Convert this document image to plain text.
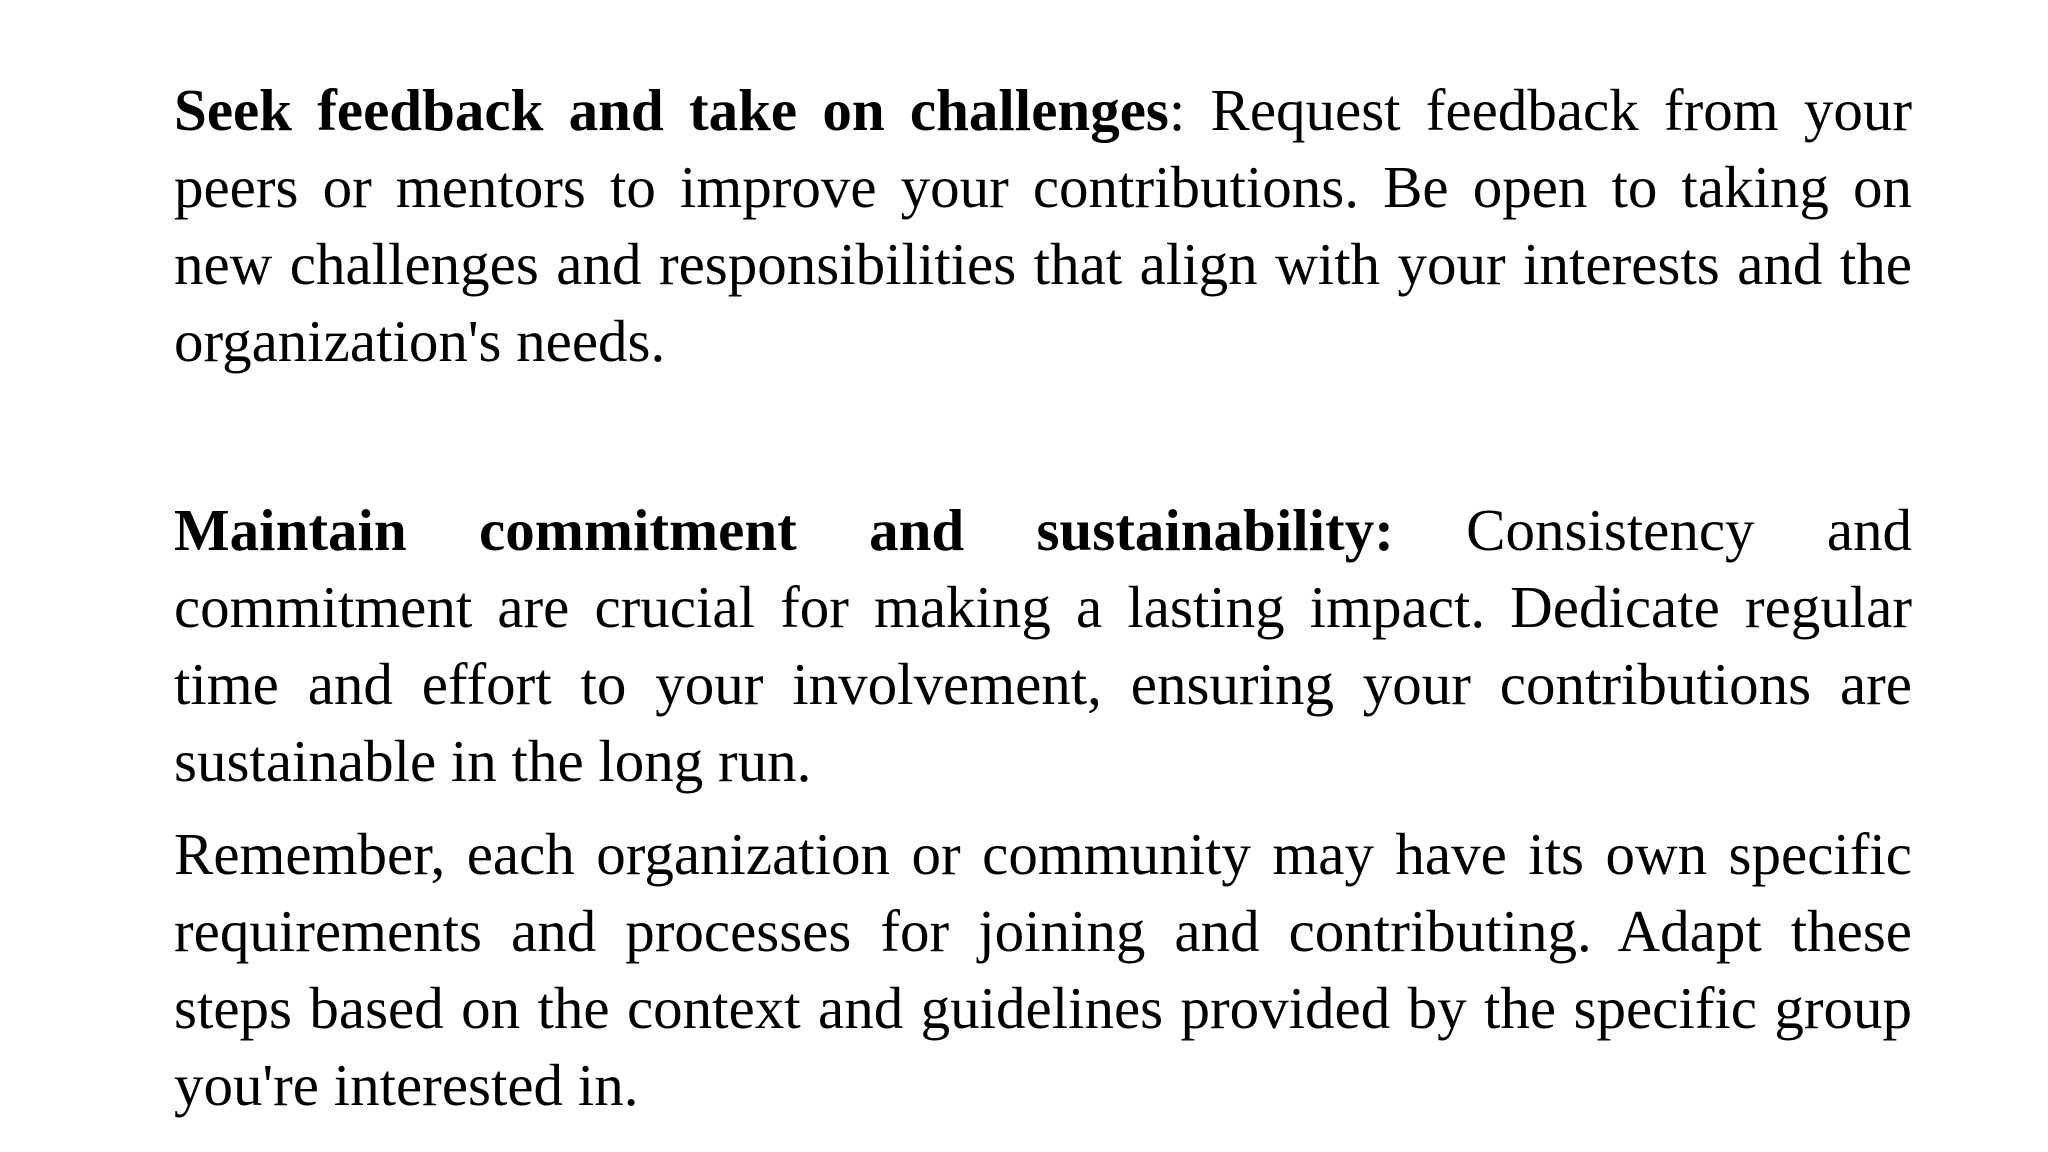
Seek feedback and take on challenges: Request feedback from your peers or mentors to improve your contributions. Be open to taking on new challenges and responsibilities that align with your interests and the organization's needs.

Maintain commitment and sustainability: Consistency and commitment are crucial for making a lasting impact. Dedicate regular time and effort to your involvement, ensuring your contributions are sustainable in the long run.

Remember, each organization or community may have its own specific requirements and processes for joining and contributing. Adapt these steps based on the context and guidelines provided by the specific group you're interested in.
